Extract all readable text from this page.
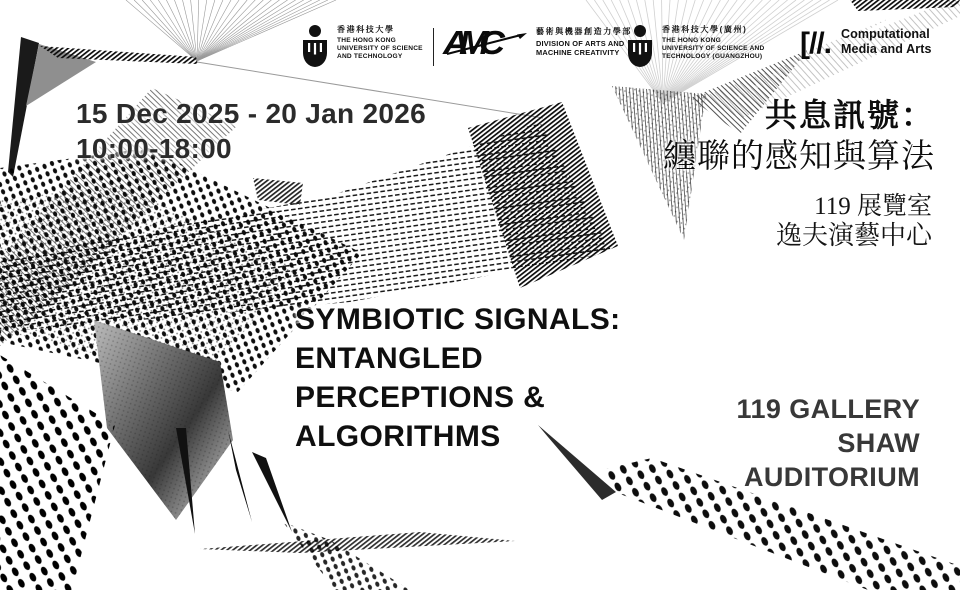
香港科技大學
THE HONG KONG
UNIVERSITY OF SCIENCE
AND TECHNOLOGY	AMC	藝術與機器創造力學部
DIVISION OF ARTS AND
MACHINE CREATIVITY
香港科技大學(廣州)
THE HONG KONG
UNIVERSITY OF SCIENCE AND
TECHNOLOGY (GUANGZHOU) [//. Computational
Media and Arts
15 Dec 2025 - 20 Jan 2026
10:00-18:00
共息訊號：
纏聯的感知與算法
119 展覽室
逸夫演藝中心
SYMBIOTIC SIGNALS:
ENTANGLED
PERCEPTIONS &
ALGORITHMS
119 GALLERY
SHAW
AUDITORIUM
